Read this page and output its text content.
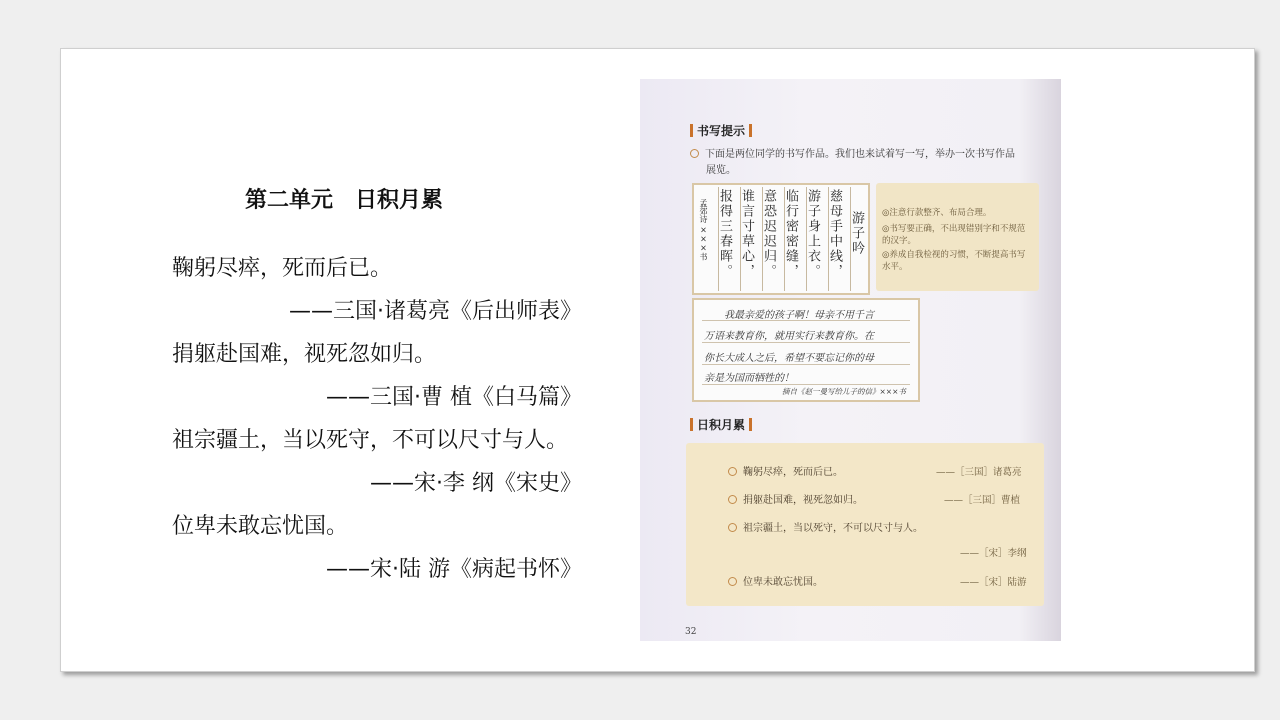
第二单元　日积月累
鞠躬尽瘁，死而后已。
——三国·诸葛亮《后出师表》
捐躯赴国难，视死忽如归。
——三国·曹 植《白马篇》
祖宗疆土，当以死守，不可以尺寸与人。
——宋·李 纲《宋史》
位卑未敢忘忧国。
——宋·陆 游《病起书怀》
书写提示
下面是两位同学的书写作品。我们也来试着写一写，举办一次书写作品
展览。
游子吟
慈母手中线，
游子身上衣。
临行密密缝，
意恐迟迟归。
谁言寸草心，
报得三春晖。
孟郊诗 ×××书	◎注意行款整齐、布局合理。
◎书写要正确，不出现错别字和不规范的汉字。
◎养成自我检视的习惯，不断提高书写水平。
我最亲爱的孩子啊！母亲不用千言
万语来教育你，就用实行来教育你。在
你长大成人之后，希望不要忘记你的母
亲是为国而牺牲的！
摘自《赵一曼写给儿子的信》×××书
日积月累
鞠躬尽瘁，死而后已。	——［三国］诸葛亮
捐躯赴国难，视死忽如归。	——［三国］曹植
祖宗疆土，当以死守，不可以尺寸与人。
——［宋］李纲
位卑未敢忘忧国。	——［宋］陆游
32
